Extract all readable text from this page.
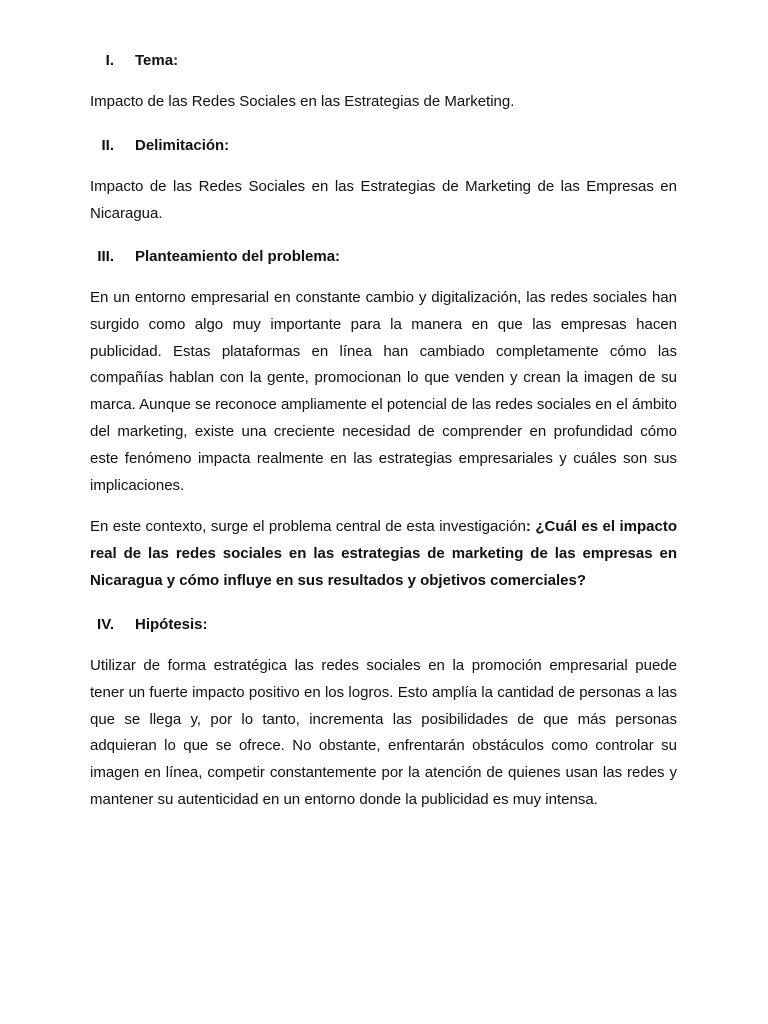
I. Tema:
Impacto de las Redes Sociales en las Estrategias de Marketing.
II. Delimitación:
Impacto de las Redes Sociales en las Estrategias de Marketing de las Empresas en Nicaragua.
III. Planteamiento del problema:
En un entorno empresarial en constante cambio y digitalización, las redes sociales han surgido como algo muy importante para la manera en que las empresas hacen publicidad. Estas plataformas en línea han cambiado completamente cómo las compañías hablan con la gente, promocionan lo que venden y crean la imagen de su marca. Aunque se reconoce ampliamente el potencial de las redes sociales en el ámbito del marketing, existe una creciente necesidad de comprender en profundidad cómo este fenómeno impacta realmente en las estrategias empresariales y cuáles son sus implicaciones.
En este contexto, surge el problema central de esta investigación: ¿Cuál es el impacto real de las redes sociales en las estrategias de marketing de las empresas en Nicaragua y cómo influye en sus resultados y objetivos comerciales?
IV. Hipótesis:
Utilizar de forma estratégica las redes sociales en la promoción empresarial puede tener un fuerte impacto positivo en los logros. Esto amplía la cantidad de personas a las que se llega y, por lo tanto, incrementa las posibilidades de que más personas adquieran lo que se ofrece. No obstante, enfrentarán obstáculos como controlar su imagen en línea, competir constantemente por la atención de quienes usan las redes y mantener su autenticidad en un entorno donde la publicidad es muy intensa.
